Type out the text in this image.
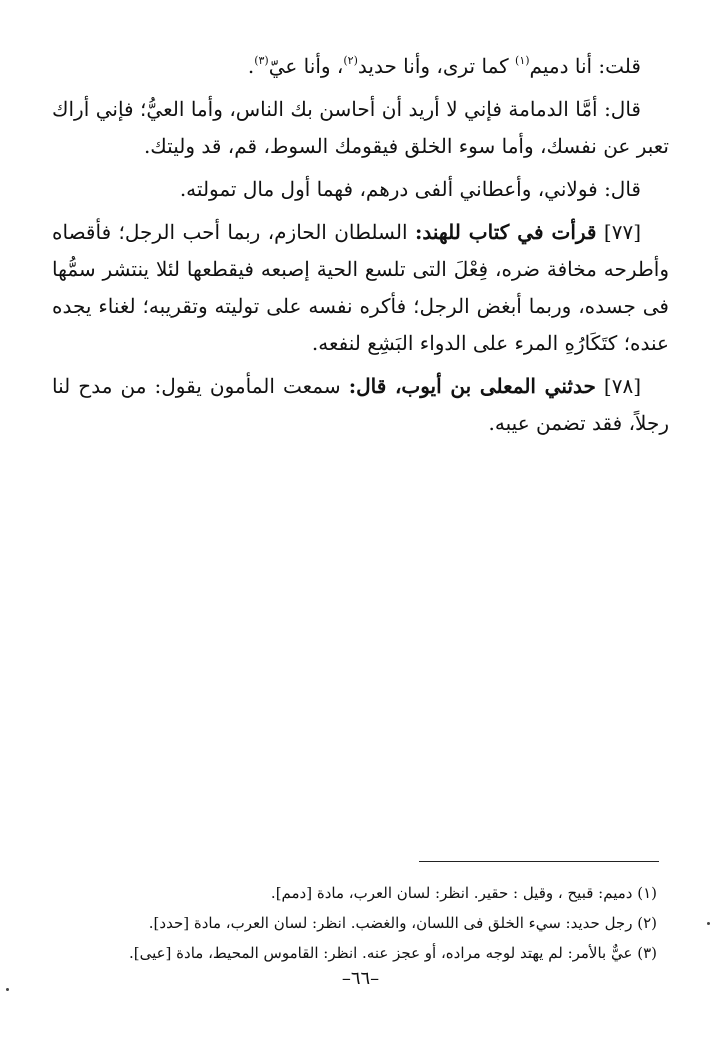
قلت: أنا دميم$^{(١)}$ كما ترى، وأنا حديد$^{(٢)}$، وأنا عيّ$^{(٣)}$.

قال: أمَّا الدمامة فإني لا أريد أن أحاسن بك الناس، وأما العيُّ؛ فإني أراك تعبر عن نفسك، وأما سوء الخلق فيقومك السوط، قم، قد وليتك.

قال: فولاني، وأعطاني ألفى درهم، فهما أول مال تمولته.

[٧٧] قرأت في كتاب للهند: السلطان الحازم، ربما أحب الرجل؛ فأقصاه وأطرحه مخافة ضره، فِعْلَ التى تلسع الحية إصبعه فيقطعها لئلا ينتشر سمُّها فى جسده، وربما أبغض الرجل؛ فأكره نفسه على توليته وتقريبه؛ لغناء يجده عنده؛ كتَكَارُهِ المرء على الدواء البَشِع لنفعه.

[٧٨] حدثني المعلى بن أيوب، قال: سمعت المأمون يقول: من مدح لنا رجلاً، فقد تضمن عيبه.

(١) دميم: قبيح ، وقيل : حقير. انظر: لسان العرب، مادة [دمم].

(٢) رجل حديد: سيء الخلق فى اللسان، والغضب. انظر: لسان العرب، مادة [حدد].

(٣) عيٌّ بالأمر: لم يهتد لوجه مراده، أو عجز عنه. انظر: القاموس المحيط، مادة [عيى].

–٦٦–
